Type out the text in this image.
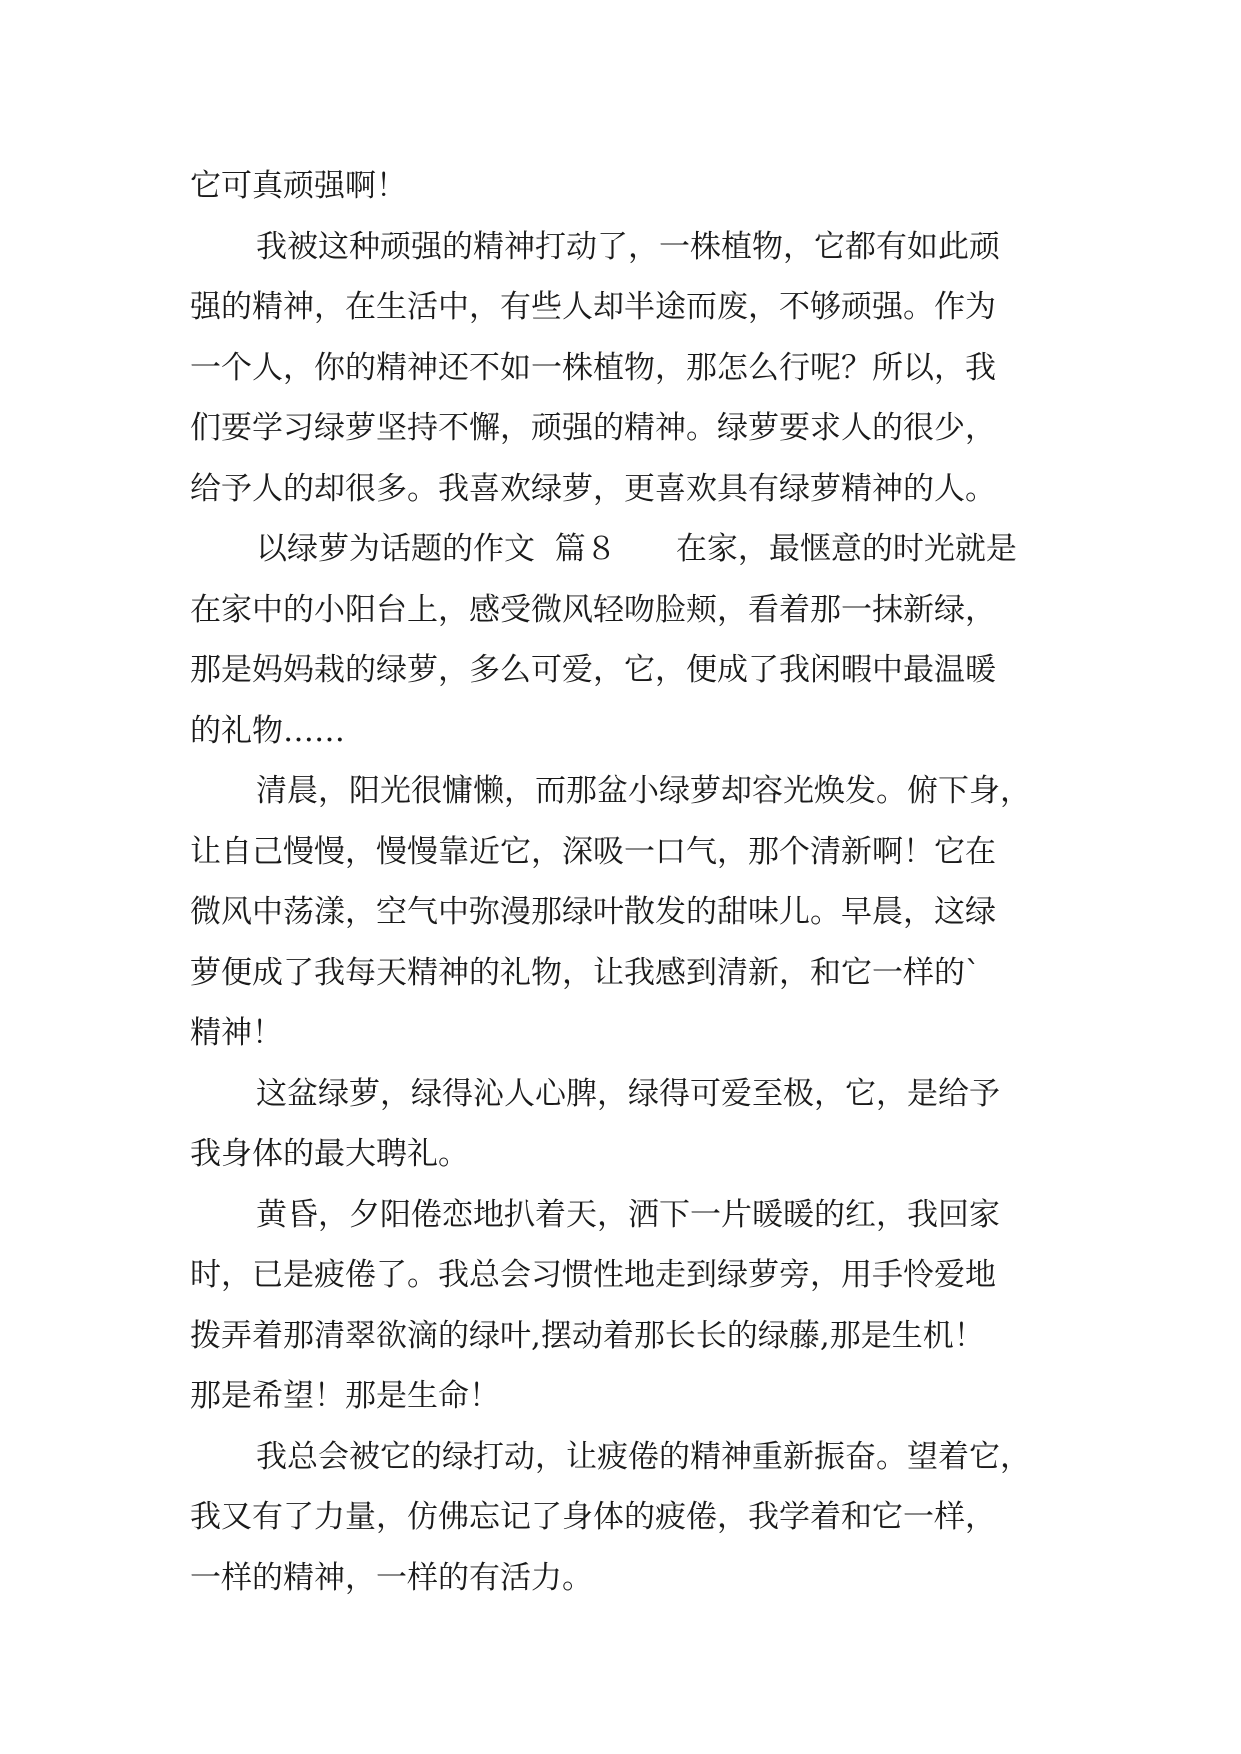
它可真顽强啊！
我被这种顽强的精神打动了，一株植物，它都有如此顽
强的精神，在生活中，有些人却半途而废，不够顽强。作为
一个人，你的精神还不如一株植物，那怎么行呢？所以，我
们要学习绿萝坚持不懈，顽强的精神。绿萝要求人的很少，
给予人的却很多。我喜欢绿萝，更喜欢具有绿萝精神的人。
以绿萝为话题的作文  篇８      在家，最惬意的时光就是
在家中的小阳台上，感受微风轻吻脸颊，看着那一抹新绿，
那是妈妈栽的绿萝，多么可爱，它，便成了我闲暇中最温暖
的礼物……
清晨，阳光很慵懒，而那盆小绿萝却容光焕发。俯下身，
让自己慢慢，慢慢靠近它，深吸一口气，那个清新啊！它在
微风中荡漾，空气中弥漫那绿叶散发的甜味儿。早晨，这绿
萝便成了我每天精神的礼物，让我感到清新，和它一样的`
精神！
这盆绿萝，绿得沁人心脾，绿得可爱至极，它，是给予
我身体的最大聘礼。
黄昏，夕阳倦恋地扒着天，洒下一片暖暖的红，我回家
时，已是疲倦了。我总会习惯性地走到绿萝旁，用手怜爱地
拨弄着那清翠欲滴的绿叶,摆动着那长长的绿藤,那是生机！
那是希望！那是生命！
我总会被它的绿打动，让疲倦的精神重新振奋。望着它，
我又有了力量，仿佛忘记了身体的疲倦，我学着和它一样，
一样的精神，一样的有活力。
